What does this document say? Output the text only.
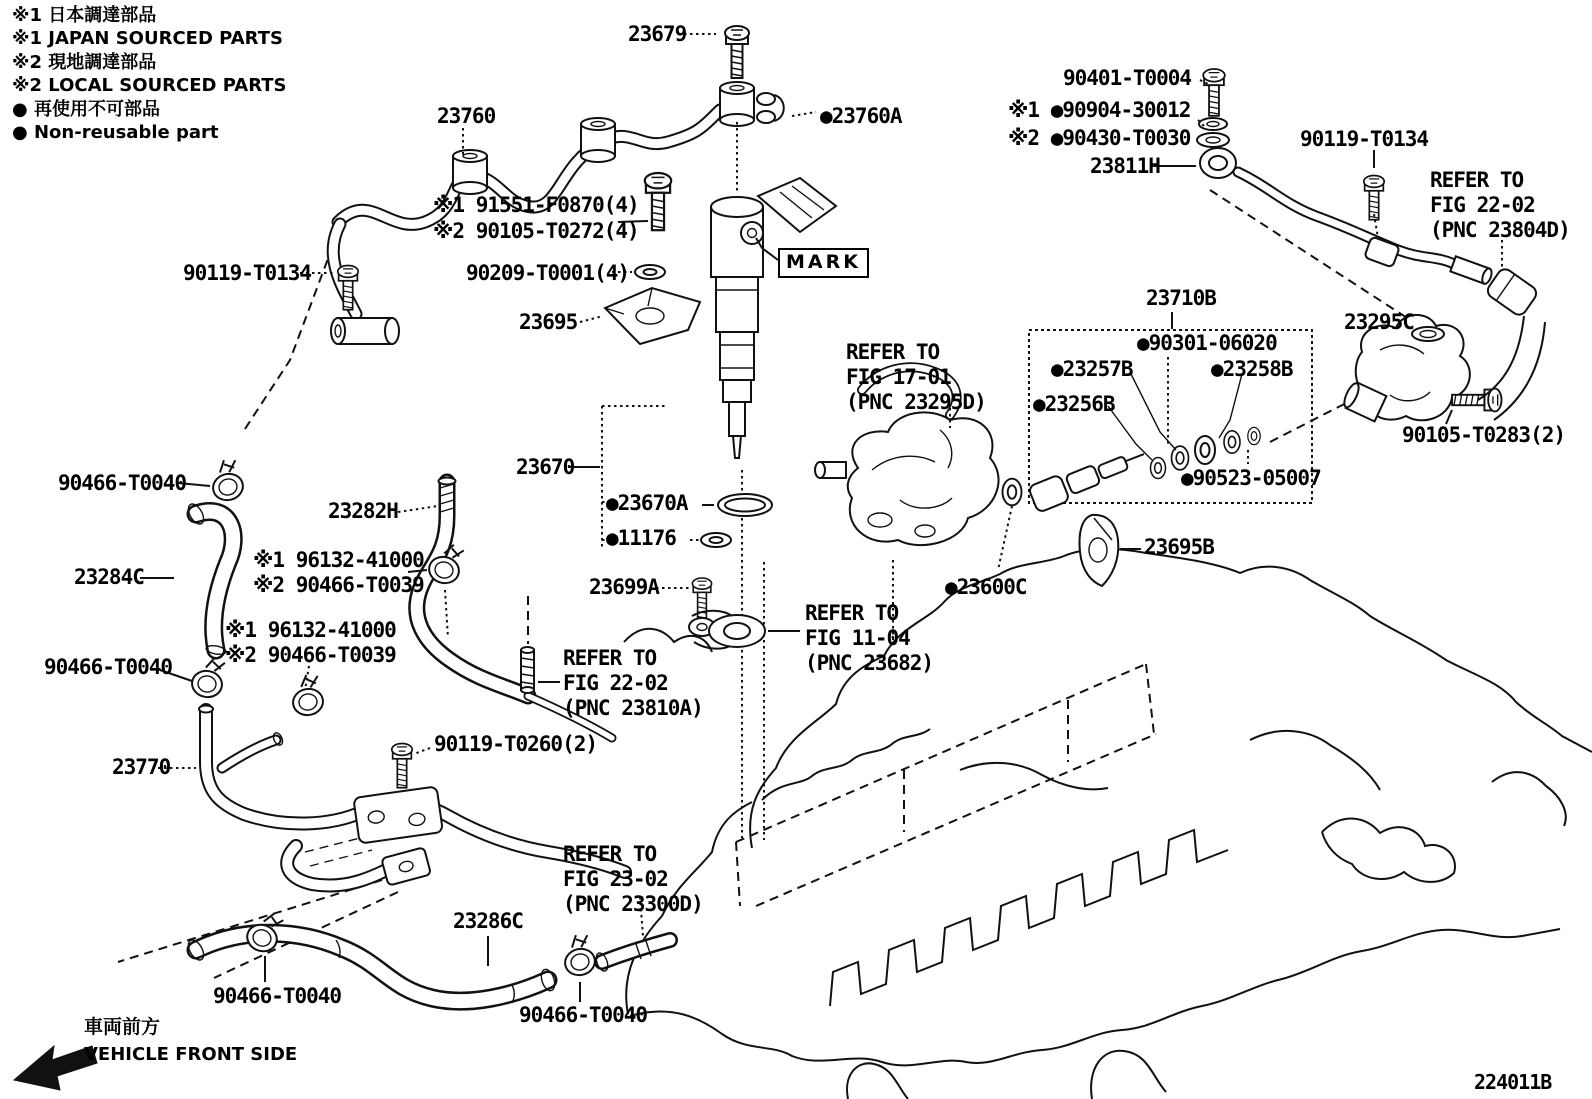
※1 日本調達部品
※1 JAPAN SOURCED PARTS
※2 現地調達部品
※2 LOCAL SOURCED PARTS
● 再使用不可部品
● Non-reusable part
23679
23760	●23760A
90401-T0004
※1 ●90904-30012
※2 ●90430-T0030
23811H
90119-T0134
REFER TO
FIG 22-02
(PNC 23804D)
※1 91551-F0870(4)
※2 90105-T0272(4)
90119-T0134	90209-T0001(4)	MARK
23695
23710B
●90301-06020
●23257B	●23258B
●23256B
●90523-05007
23295C
90105-T0283(2)
REFER TO
FIG 17-01
(PNC 23295D)
23670
●23670A
●11176
90466-T0040
23282H
※1 96132-41000
※2 90466-T0039
23284C
※1 96132-41000
※2 90466-T0039
90466-T0040
23699A
REFER TO
FIG 11-04
(PNC 23682)
●23600C
23695B
REFER TO
FIG 22-02
(PNC 23810A)
23770
90119-T0260(2)
REFER TO
FIG 23-02
(PNC 23300D)
23286C
90466-T0040
90466-T0040
車両前方
VEHICLE FRONT SIDE
224011B
